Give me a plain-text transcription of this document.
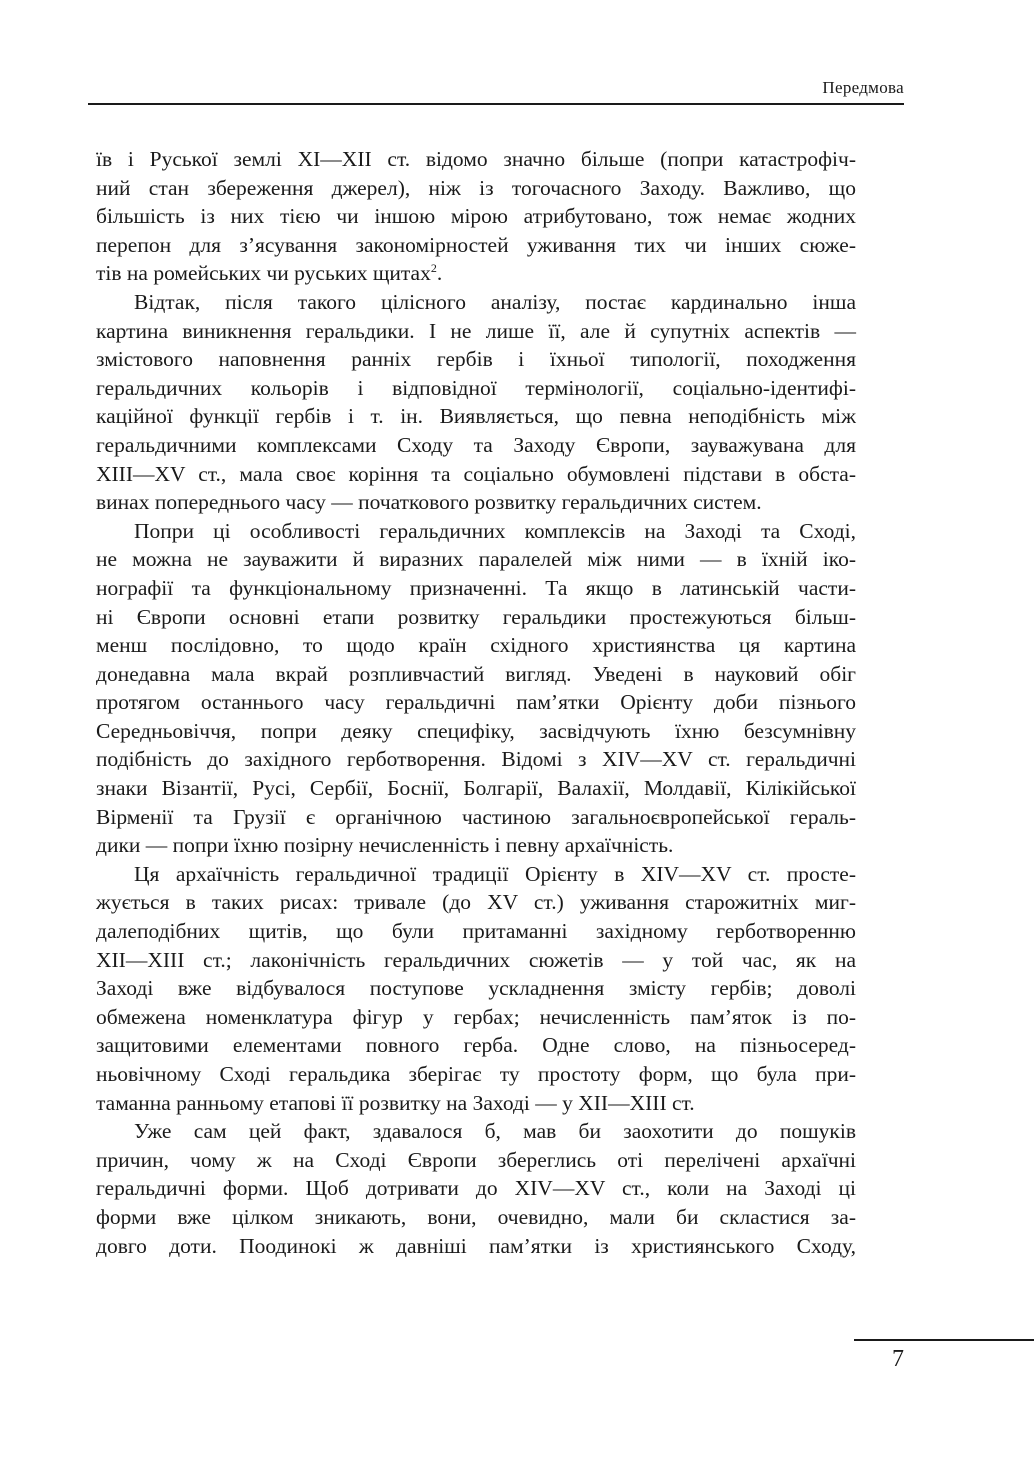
Передмова
їв і Руської землі XI—XII ст. відомо значно більше (попри катастрофіч-
ний стан збереження джерел), ніж із тогочасного Заходу. Важливо, що
більшість із них тією чи іншою мірою атрибутовано, тож немає жодних
перепон для з’ясування закономірностей уживання тих чи інших сюже-
тів на ромейських чи руських щитах$^2$.
Відтак, після такого цілісного аналізу, постає кардинально інша
картина виникнення геральдики. І не лише її, але й супутніх аспектів —
змістового наповнення ранніх гербів і їхньої типології, походження
геральдичних кольорів і відповідної термінології, соціально-ідентифі-
каційної функції гербів і т. ін. Виявляється, що певна неподібність між
геральдичними комплексами Сходу та Заходу Європи, зауважувана для
XIII—XV ст., мала своє коріння та соціально обумовлені підстави в обста-
винах попереднього часу — початкового розвитку геральдичних систем.
Попри ці особливості геральдичних комплексів на Заході та Сході,
не можна не зауважити й виразних паралелей між ними — в їхній іко-
нографії та функціональному призначенні. Та якщо в латинській части-
ні Європи основні етапи розвитку геральдики простежуються більш-
менш послідовно, то щодо країн східного християнства ця картина
донедавна мала вкрай розпливчастий вигляд. Уведені в науковий обіг
протягом останнього часу геральдичні пам’ятки Орієнту доби пізнього
Середньовіччя, попри деяку специфіку, засвідчують їхню безсумнівну
подібність до західного герботворення. Відомі з XIV—XV ст. геральдичні
знаки Візантії, Русі, Сербії, Боснії, Болгарії, Валахії, Молдавії, Кілікійської
Вірменії та Грузії є органічною частиною загальноєвропейської гераль-
дики — попри їхню позірну нечисленність і певну архаїчність.
Ця архаїчність геральдичної традиції Орієнту в XIV—XV ст. простe-
жується в таких рисах: тривале (до XV ст.) уживання старожитніх миг-
далеподібних щитів, що були притаманні західному герботворенню
XII—XIII ст.; лаконічність геральдичних сюжетів — у той час, як на
Заході вже відбувалося поступове ускладнення змісту гербів; доволі
обмежена номенклатура фігур у гербах; нечисленність пам’яток із по-
защитовими елементами повного герба. Одне слово, на пізньосеред-
ньовічному Сході геральдика зберігає ту простоту форм, що була при-
таманна ранньому етапові її розвитку на Заході — у XII—XIII ст.
Уже сам цей факт, здавалося б, мав би заохотити до пошуків
причин, чому ж на Сході Європи збереглись оті перелічені архаїчні
геральдичні форми. Щоб дотривати до XIV—XV ст., коли на Заході ці
форми вже цілком зникають, вони, очевидно, мали би скластися за-
довго доти. Поодинокі ж давніші пам’ятки із християнського Сходу,
7
